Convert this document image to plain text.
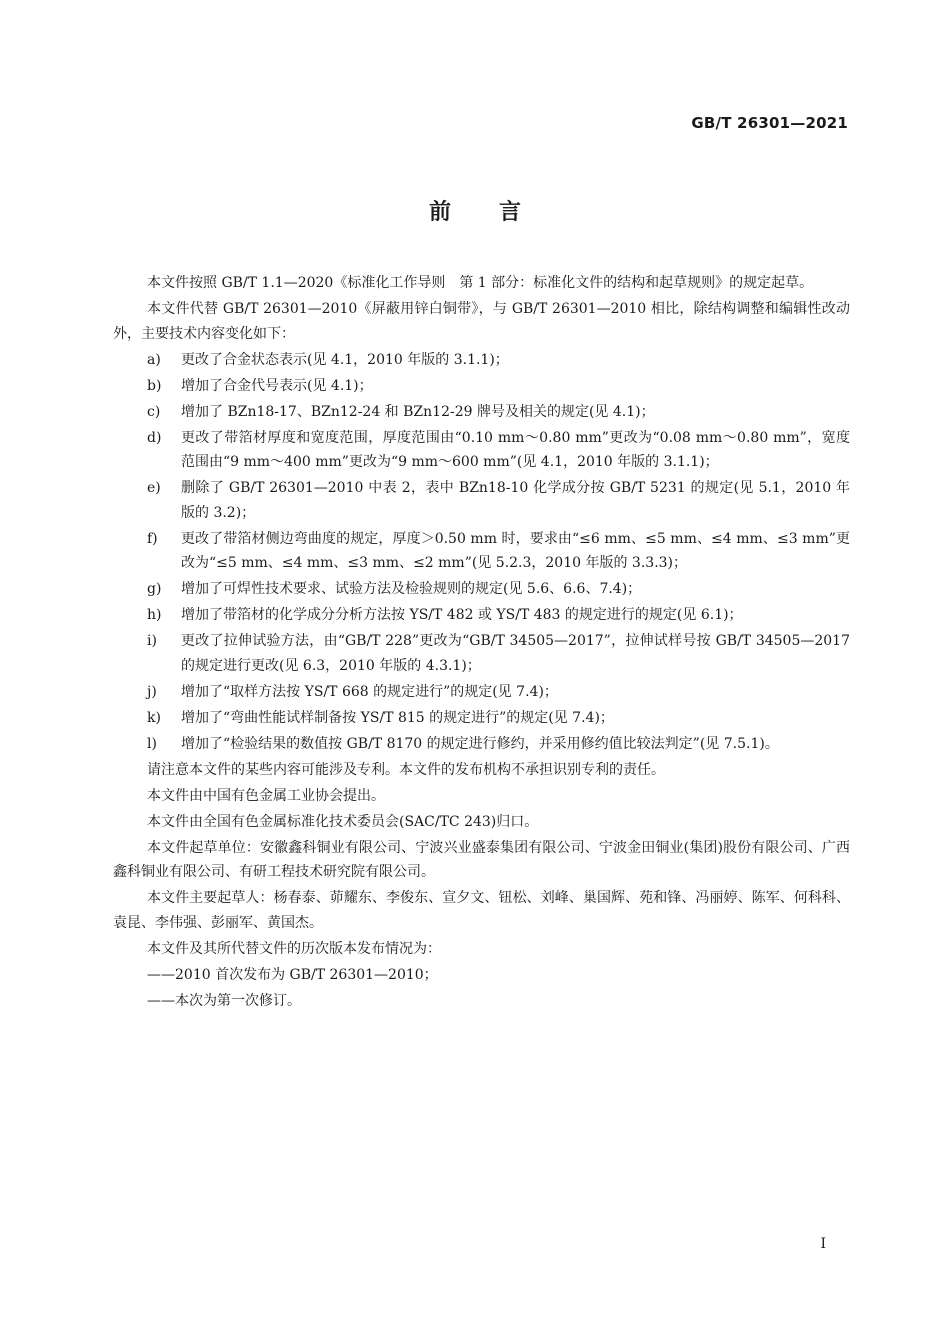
GB/T 26301—2021
前言

本文件按照 GB/T 1.1—2020《标准化工作导则　第 1 部分：标准化文件的结构和起草规则》的规定起草。

本文件代替 GB/T 26301—2010《屏蔽用锌白铜带》，与 GB/T 26301—2010 相比，除结构调整和编辑性改动外，主要技术内容变化如下：

a)	更改了合金状态表示(见 4.1，2010 年版的 3.1.1)；
b)	增加了合金代号表示(见 4.1)；
c)	增加了 BZn18-17、BZn12-24 和 BZn12-29 牌号及相关的规定(见 4.1)；
d)	更改了带箔材厚度和宽度范围，厚度范围由“0.10 mm～0.80 mm”更改为“0.08 mm～0.80 mm”，宽度范围由“9 mm～400 mm”更改为“9 mm～600 mm”(见 4.1，2010 年版的 3.1.1)；
e)	删除了 GB/T 26301—2010 中表 2，表中 BZn18-10 化学成分按 GB/T 5231 的规定(见 5.1，2010 年版的 3.2)；
f)	更改了带箔材侧边弯曲度的规定，厚度＞0.50 mm 时，要求由“≤6 mm、≤5 mm、≤4 mm、≤3 mm”更改为“≤5 mm、≤4 mm、≤3 mm、≤2 mm”(见 5.2.3，2010 年版的 3.3.3)；
g)	增加了可焊性技术要求、试验方法及检验规则的规定(见 5.6、6.6、7.4)；
h)	增加了带箔材的化学成分分析方法按 YS/T 482 或 YS/T 483 的规定进行的规定(见 6.1)；
i)	更改了拉伸试验方法，由“GB/T 228”更改为“GB/T 34505—2017”，拉伸试样号按 GB/T 34505—2017 的规定进行更改(见 6.3，2010 年版的 4.3.1)；
j)	增加了“取样方法按 YS/T 668 的规定进行”的规定(见 7.4)；
k)	增加了“弯曲性能试样制备按 YS/T 815 的规定进行”的规定(见 7.4)；
l)	增加了“检验结果的数值按 GB/T 8170 的规定进行修约，并采用修约值比较法判定”(见 7.5.1)。

请注意本文件的某些内容可能涉及专利。本文件的发布机构不承担识别专利的责任。

本文件由中国有色金属工业协会提出。

本文件由全国有色金属标准化技术委员会(SAC/TC 243)归口。

本文件起草单位：安徽鑫科铜业有限公司、宁波兴业盛泰集团有限公司、宁波金田铜业(集团)股份有限公司、广西鑫科铜业有限公司、有研工程技术研究院有限公司。

本文件主要起草人：杨春泰、茆耀东、李俊东、宣夕文、钮松、刘峰、巢国辉、苑和锋、冯丽婷、陈军、何科科、袁昆、李伟强、彭丽军、黄国杰。

本文件及其所代替文件的历次版本发布情况为：

——2010 首次发布为 GB/T 26301—2010；
——本次为第一次修订。
I
